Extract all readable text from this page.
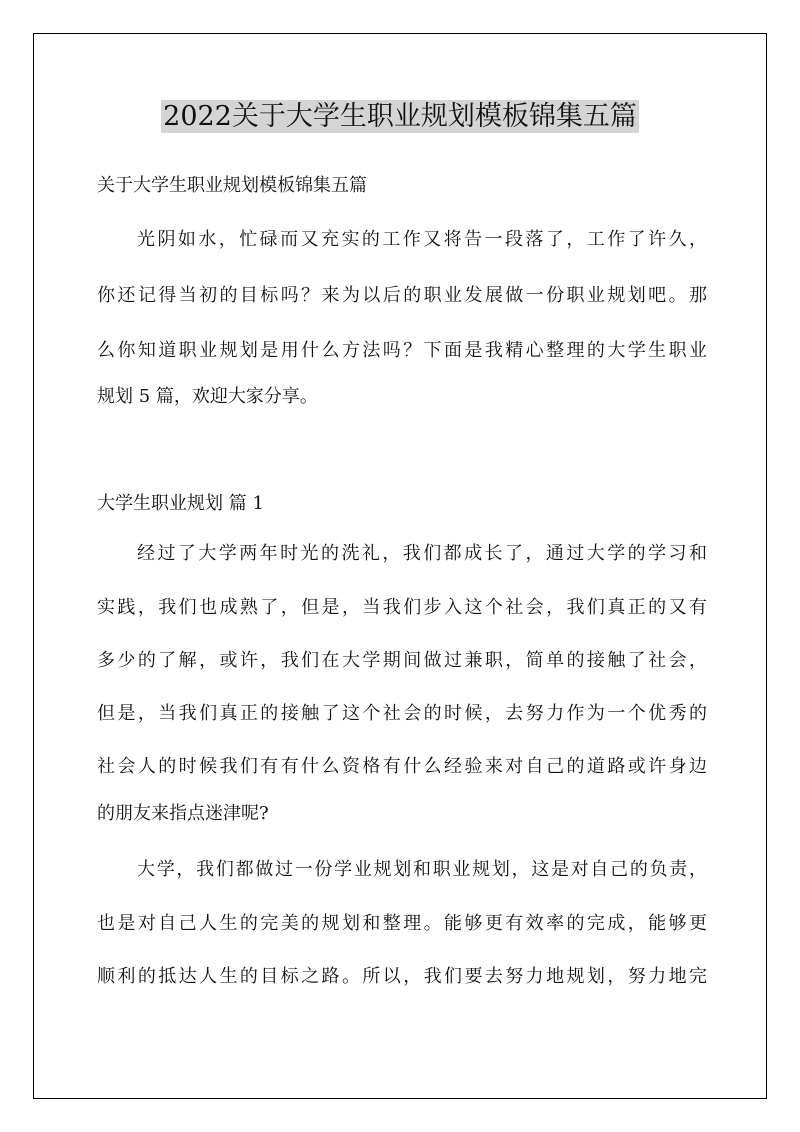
2022关于大学生职业规划模板锦集五篇
关于大学生职业规划模板锦集五篇
光阴如水，忙碌而又充实的工作又将告一段落了，工作了许久，
你还记得当初的目标吗？来为以后的职业发展做一份职业规划吧。那
么你知道职业规划是用什么方法吗？下面是我精心整理的大学生职业
规划 5 篇，欢迎大家分享。
大学生职业规划 篇 1
经过了大学两年时光的洗礼，我们都成长了，通过大学的学习和
实践，我们也成熟了，但是，当我们步入这个社会，我们真正的又有
多少的了解，或许，我们在大学期间做过兼职，简单的接触了社会，
但是，当我们真正的接触了这个社会的时候，去努力作为一个优秀的
社会人的时候我们有有什么资格有什么经验来对自己的道路或许身边
的朋友来指点迷津呢?
大学，我们都做过一份学业规划和职业规划，这是对自己的负责，
也是对自己人生的完美的规划和整理。能够更有效率的完成，能够更
顺利的抵达人生的目标之路。所以，我们要去努力地规划，努力地完
